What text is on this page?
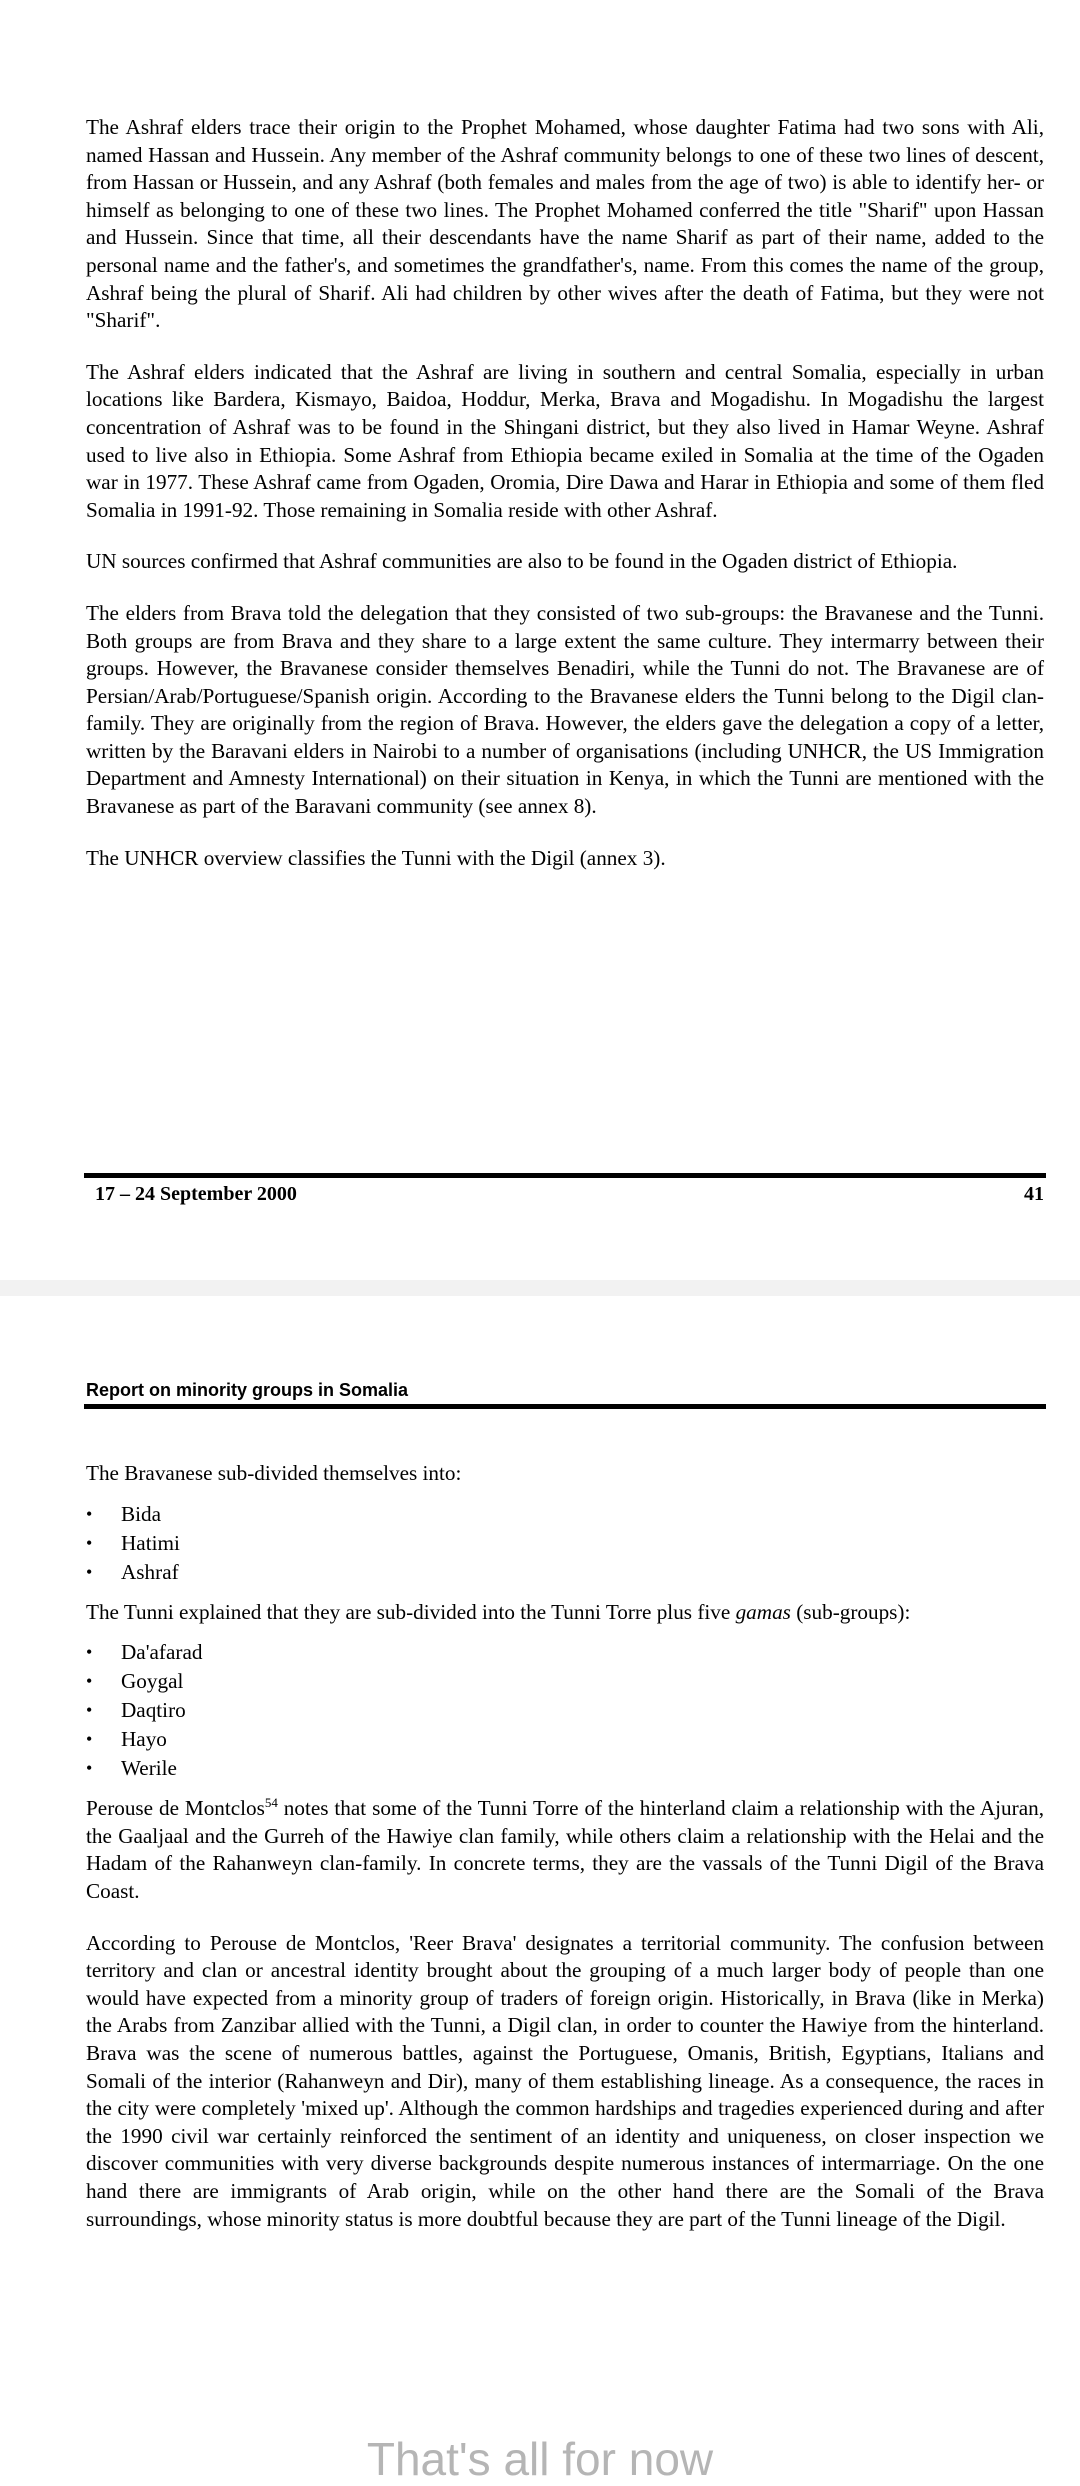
The Ashraf elders trace their origin to the Prophet Mohamed, whose daughter Fatima had two sons with Ali, named Hassan and Hussein. Any member of the Ashraf community belongs to one of these two lines of descent, from Hassan or Hussein, and any Ashraf (both females and males from the age of two) is able to identify her- or himself as belonging to one of these two lines. The Prophet Mohamed conferred the title "Sharif" upon Hassan and Hussein. Since that time, all their descendants have the name Sharif as part of their name, added to the personal name and the father's, and sometimes the grandfather's, name. From this comes the name of the group, Ashraf being the plural of Sharif. Ali had children by other wives after the death of Fatima, but they were not "Sharif".

The Ashraf elders indicated that the Ashraf are living in southern and central Somalia, especially in urban locations like Bardera, Kismayo, Baidoa, Hoddur, Merka, Brava and Mogadishu. In Mogadishu the largest concentration of Ashraf was to be found in the Shingani district, but they also lived in Hamar Weyne. Ashraf used to live also in Ethiopia. Some Ashraf from Ethiopia became exiled in Somalia at the time of the Ogaden war in 1977. These Ashraf came from Ogaden, Oromia, Dire Dawa and Harar in Ethiopia and some of them fled Somalia in 1991-92. Those remaining in Somalia reside with other Ashraf.

UN sources confirmed that Ashraf communities are also to be found in the Ogaden district of Ethiopia.

The elders from Brava told the delegation that they consisted of two sub-groups: the Bravanese and the Tunni. Both groups are from Brava and they share to a large extent the same culture. They intermarry between their groups. However, the Bravanese consider themselves Benadiri, while the Tunni do not. The Bravanese are of Persian/Arab/Portuguese/Spanish origin. According to the Bravanese elders the Tunni belong to the Digil clan-family. They are originally from the region of Brava. However, the elders gave the delegation a copy of a letter, written by the Baravani elders in Nairobi to a number of organisations (including UNHCR, the US Immigration Department and Amnesty International) on their situation in Kenya, in which the Tunni are mentioned with the Bravanese as part of the Baravani community (see annex 8).

The UNHCR overview classifies the Tunni with the Digil (annex 3).

17 – 24 September 2000	41
Report on minority groups in Somalia

The Bravanese sub-divided themselves into:

• Bida
• Hatimi
• Ashraf

The Tunni explained that they are sub-divided into the Tunni Torre plus five gamas (sub-groups):

• Da'afarad
• Goygal
• Daqtiro
• Hayo
• Werile

Perouse de Montclos$^{54}$ notes that some of the Tunni Torre of the hinterland claim a relationship with the Ajuran, the Gaaljaal and the Gurreh of the Hawiye clan family, while others claim a relationship with the Helai and the Hadam of the Rahanweyn clan-family. In concrete terms, they are the vassals of the Tunni Digil of the Brava Coast.

According to Perouse de Montclos, 'Reer Brava' designates a territorial community. The confusion between territory and clan or ancestral identity brought about the grouping of a much larger body of people than one would have expected from a minority group of traders of foreign origin. Historically, in Brava (like in Merka) the Arabs from Zanzibar allied with the Tunni, a Digil clan, in order to counter the Hawiye from the hinterland. Brava was the scene of numerous battles, against the Portuguese, Omanis, British, Egyptians, Italians and Somali of the interior (Rahanweyn and Dir), many of them establishing lineage. As a consequence, the races in the city were completely 'mixed up'. Although the common hardships and tragedies experienced during and after the 1990 civil war certainly reinforced the sentiment of an identity and uniqueness, on closer inspection we discover communities with very diverse backgrounds despite numerous instances of intermarriage. On the one hand there are immigrants of Arab origin, while on the other hand there are the Somali of the Brava surroundings, whose minority status is more doubtful because they are part of the Tunni lineage of the Digil.

That's all for now
